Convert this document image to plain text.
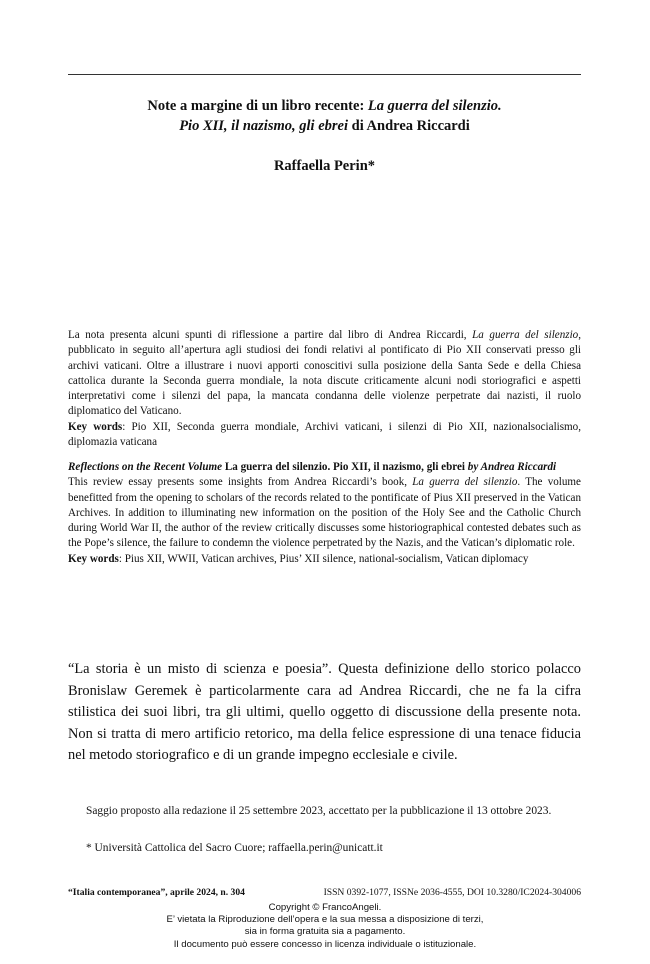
Note a margine di un libro recente: La guerra del silenzio.
Pio XII, il nazismo, gli ebrei di Andrea Riccardi
Raffaella Perin*
La nota presenta alcuni spunti di riflessione a partire dal libro di Andrea Riccardi, La guerra del silenzio, pubblicato in seguito all’apertura agli studiosi dei fondi relativi al pontificato di Pio XII conservati presso gli archivi vaticani. Oltre a illustrare i nuovi apporti conoscitivi sulla posizione della Santa Sede e della Chiesa cattolica durante la Seconda guerra mondiale, la nota discute criticamente alcuni nodi storiografici e aspetti interpretativi come i silenzi del papa, la mancata condanna delle violenze perpetrate dai nazisti, il ruolo diplomatico del Vaticano.
Key words: Pio XII, Seconda guerra mondiale, Archivi vaticani, i silenzi di Pio XII, nazionalsocialismo, diplomazia vaticana
Reflections on the Recent Volume La guerra del silenzio. Pio XII, il nazismo, gli ebrei by Andrea Riccardi
This review essay presents some insights from Andrea Riccardi’s book, La guerra del silenzio. The volume benefitted from the opening to scholars of the records related to the pontificate of Pius XII preserved in the Vatican Archives. In addition to illuminating new information on the position of the Holy See and the Catholic Church during World War II, the author of the review critically discusses some historiographical contested debates such as the Pope’s silence, the failure to condemn the violence perpetrated by the Nazis, and the Vatican’s diplomatic role.
Key words: Pius XII, WWII, Vatican archives, Pius’ XII silence, national-socialism, Vatican diplomacy
“La storia è un misto di scienza e poesia”. Questa definizione dello storico polacco Bronislaw Geremek è particolarmente cara ad Andrea Riccardi, che ne fa la cifra stilistica dei suoi libri, tra gli ultimi, quello oggetto di discussione della presente nota. Non si tratta di mero artificio retorico, ma della felice espressione di una tenace fiducia nel metodo storiografico e di un grande impegno ecclesiale e civile.
Saggio proposto alla redazione il 25 settembre 2023, accettato per la pubblicazione il 13 ottobre 2023.
* Università Cattolica del Sacro Cuore; raffaella.perin@unicatt.it
“Italia contemporanea”, aprile 2024, n. 304	ISSN 0392-1077, ISSNe 2036-4555, DOI 10.3280/IC2024-304006
Copyright © FrancoAngeli.
E’ vietata la Riproduzione dell’opera e la sua messa a disposizione di terzi,
sia in forma gratuita sia a pagamento.
Il documento può essere concesso in licenza individuale o istituzionale.
